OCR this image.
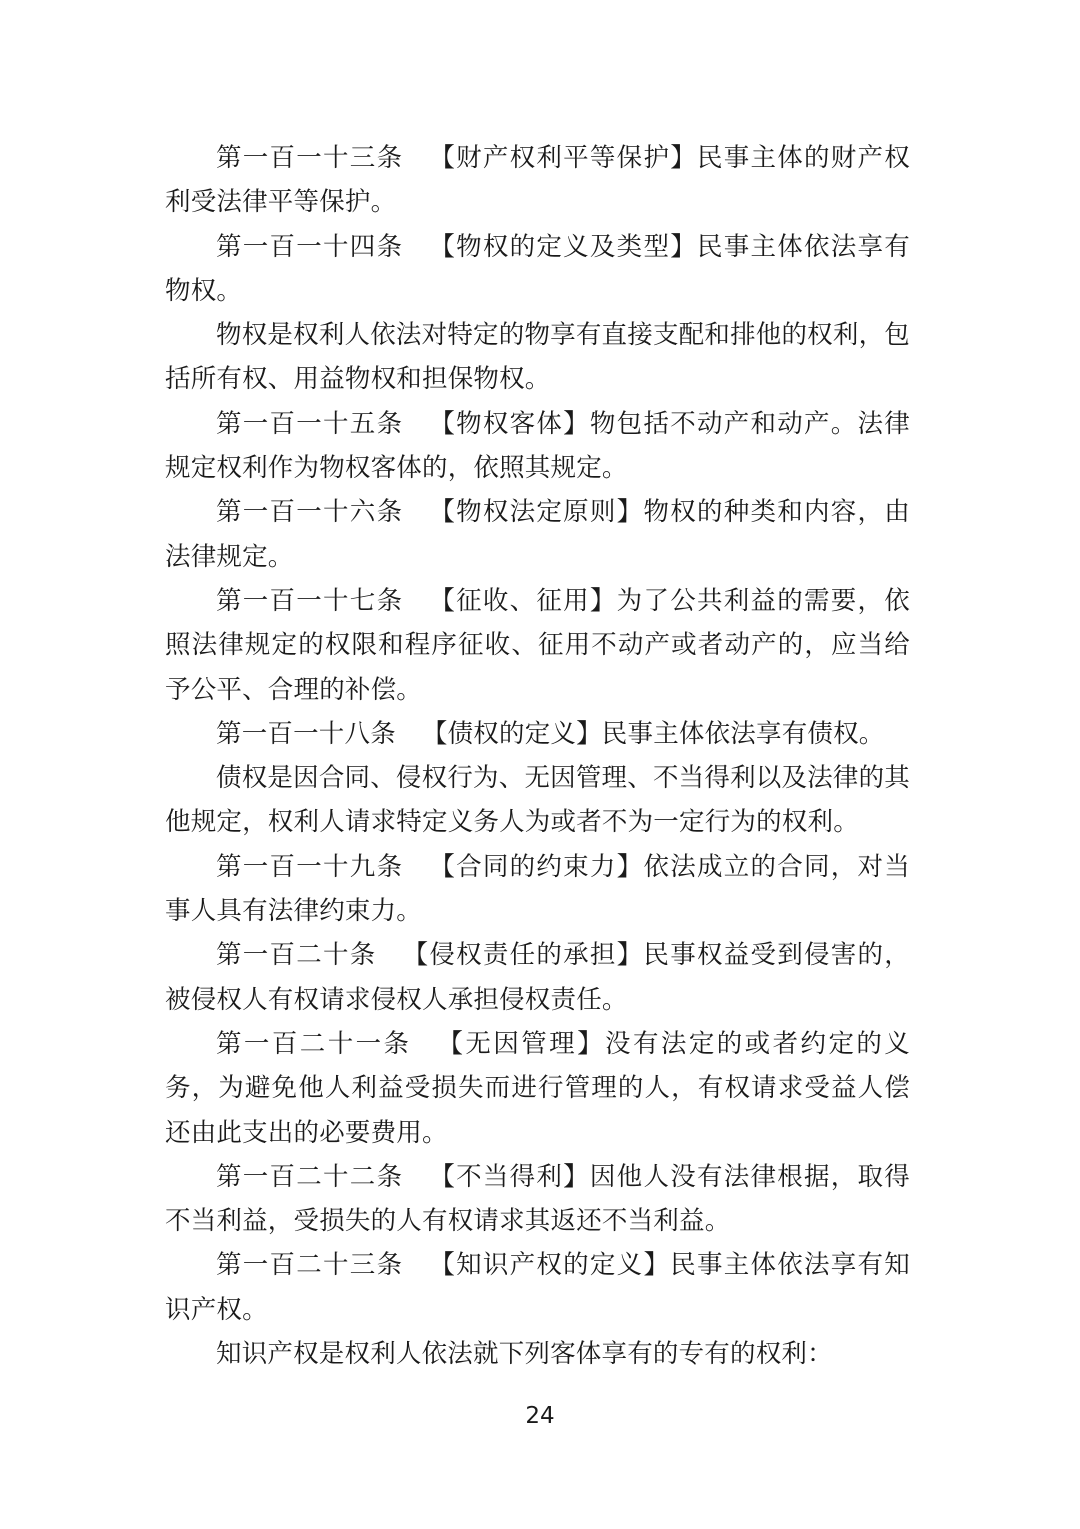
第一百一十三条 【财产权利平等保护】民事主体的财产权利受法律平等保护。

第一百一十四条 【物权的定义及类型】民事主体依法享有物权。

物权是权利人依法对特定的物享有直接支配和排他的权利，包括所有权、用益物权和担保物权。

第一百一十五条 【物权客体】物包括不动产和动产。法律规定权利作为物权客体的，依照其规定。

第一百一十六条 【物权法定原则】物权的种类和内容，由法律规定。

第一百一十七条 【征收、征用】为了公共利益的需要，依照法律规定的权限和程序征收、征用不动产或者动产的，应当给予公平、合理的补偿。

第一百一十八条 【债权的定义】民事主体依法享有债权。

债权是因合同、侵权行为、无因管理、不当得利以及法律的其他规定，权利人请求特定义务人为或者不为一定行为的权利。

第一百一十九条 【合同的约束力】依法成立的合同，对当事人具有法律约束力。

第一百二十条 【侵权责任的承担】民事权益受到侵害的，被侵权人有权请求侵权人承担侵权责任。

第一百二十一条 【无因管理】没有法定的或者约定的义务，为避免他人利益受损失而进行管理的人，有权请求受益人偿还由此支出的必要费用。

第一百二十二条 【不当得利】因他人没有法律根据，取得不当利益，受损失的人有权请求其返还不当利益。

第一百二十三条 【知识产权的定义】民事主体依法享有知识产权。

知识产权是权利人依法就下列客体享有的专有的权利：

24
